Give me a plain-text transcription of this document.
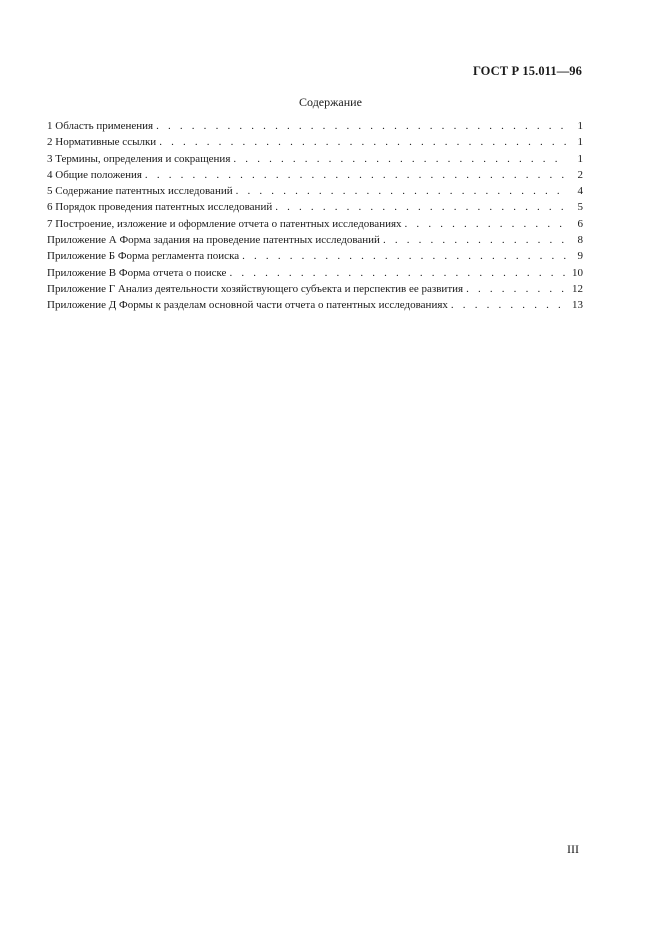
ГОСТ Р 15.011—96
Содержание
1 Область применения . . .	1
2 Нормативные ссылки . . .	1
3 Термины, определения и сокращения . . .	1
4 Общие положения . . .	2
5 Содержание патентных исследований . . .	4
6 Порядок проведения патентных исследований . . .	5
7 Построение, изложение и оформление отчета о патентных исследованиях . . .	6
Приложение А Форма задания на проведение патентных исследований . . .	8
Приложение Б Форма регламента поиска . . .	9
Приложение В Форма отчета о поиске . . .	10
Приложение Г Анализ деятельности хозяйствующего субъекта и перспектив ее развития . . .	12
Приложение Д Формы к разделам основной части отчета о патентных исследованиях . . .	13
III
